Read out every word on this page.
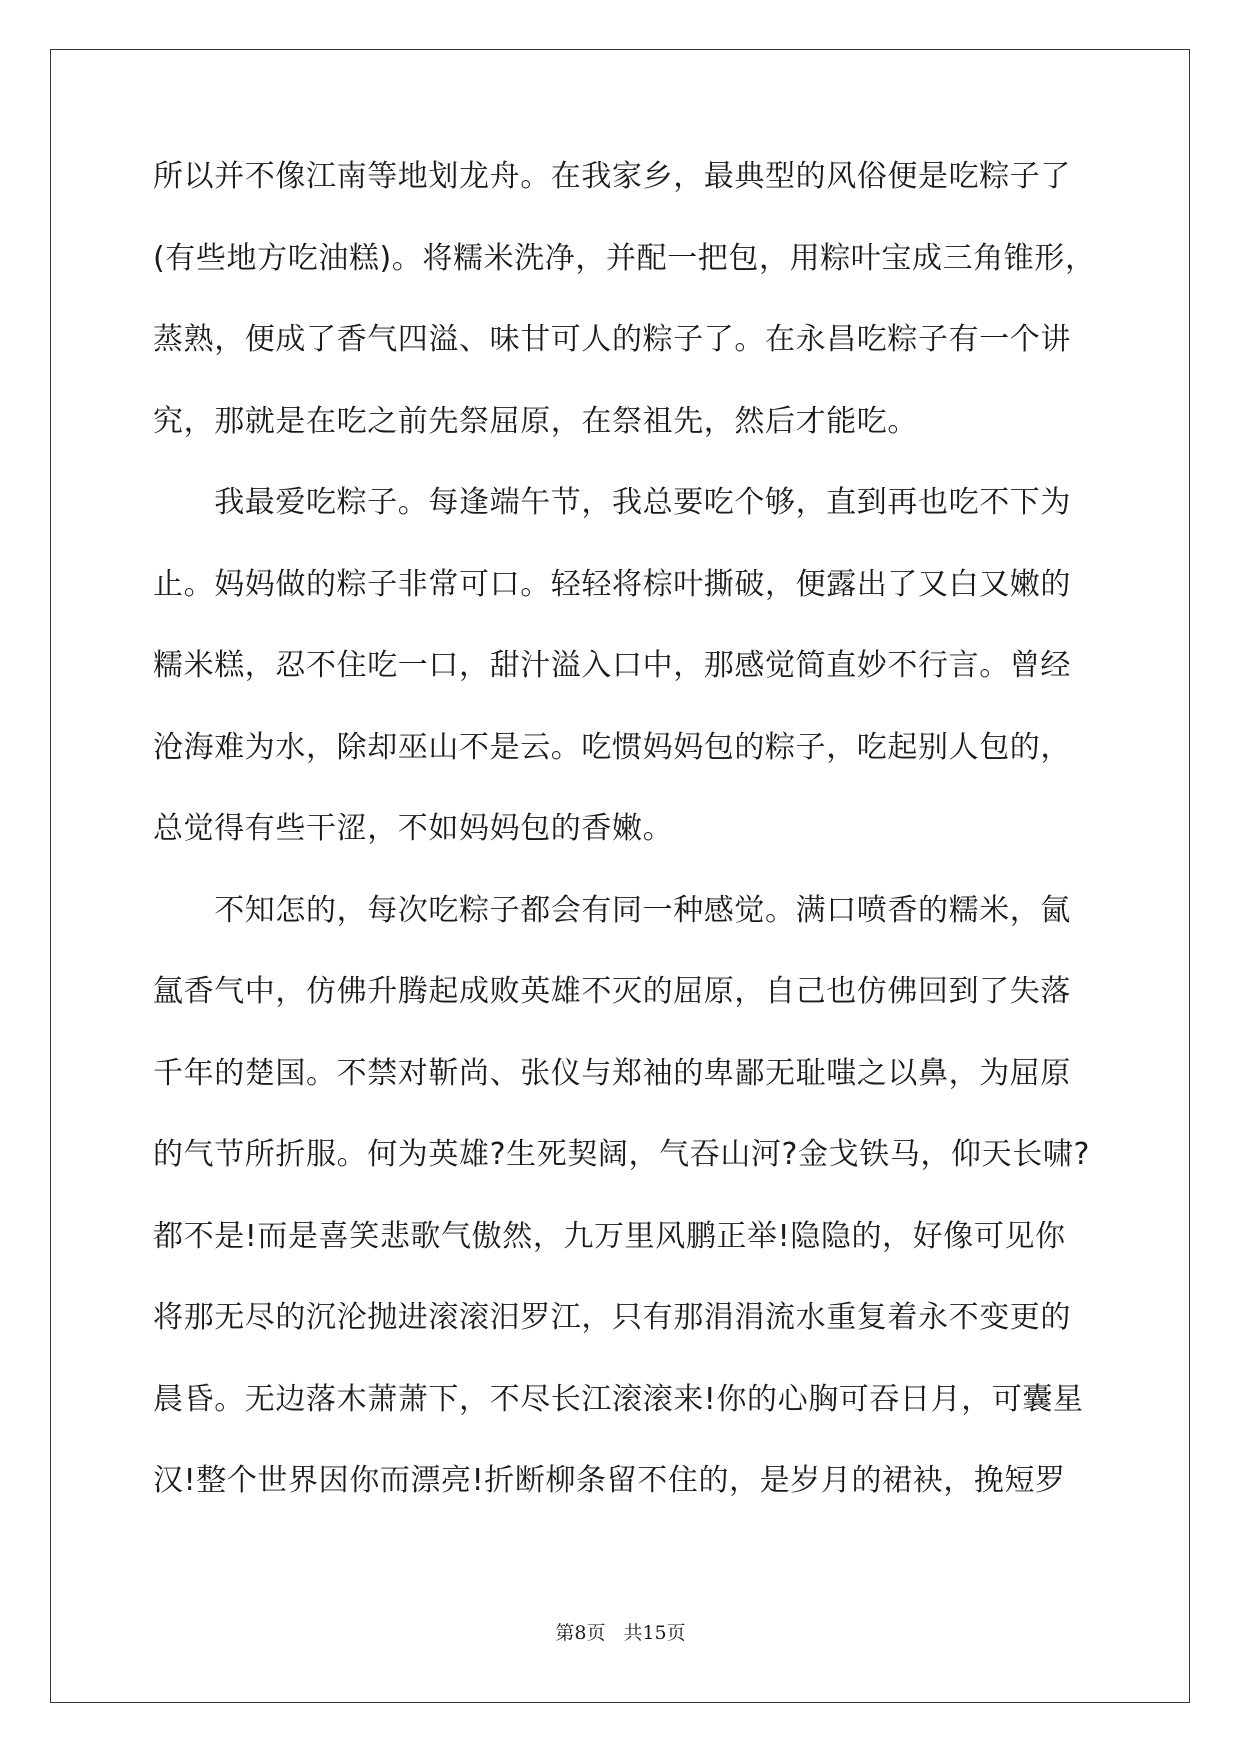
所以并不像江南等地划龙舟。在我家乡，最典型的风俗便是吃粽子了
(有些地方吃油糕)。将糯米洗净，并配一把包，用粽叶宝成三角锥形，
蒸熟，便成了香气四溢、味甘可人的粽子了。在永昌吃粽子有一个讲
究，那就是在吃之前先祭屈原，在祭祖先，然后才能吃。
　　我最爱吃粽子。每逢端午节，我总要吃个够，直到再也吃不下为
止。妈妈做的粽子非常可口。轻轻将棕叶撕破，便露出了又白又嫩的
糯米糕，忍不住吃一口，甜汁溢入口中，那感觉简直妙不行言。曾经
沧海难为水，除却巫山不是云。吃惯妈妈包的粽子，吃起别人包的，
总觉得有些干涩，不如妈妈包的香嫩。
　　不知怎的，每次吃粽子都会有同一种感觉。满口喷香的糯米，氤
氲香气中，仿佛升腾起成败英雄不灭的屈原，自己也仿佛回到了失落
千年的楚国。不禁对靳尚、张仪与郑袖的卑鄙无耻嗤之以鼻，为屈原
的气节所折服。何为英雄?生死契阔，气吞山河?金戈铁马，仰天长啸?
都不是!而是喜笑悲歌气傲然，九万里风鹏正举!隐隐的，好像可见你
将那无尽的沉沦抛进滚滚汨罗江，只有那涓涓流水重复着永不变更的
晨昏。无边落木萧萧下，不尽长江滚滚来!你的心胸可吞日月，可囊星
汉!整个世界因你而漂亮!折断柳条留不住的，是岁月的裙袂，挽短罗
第8页 共15页
